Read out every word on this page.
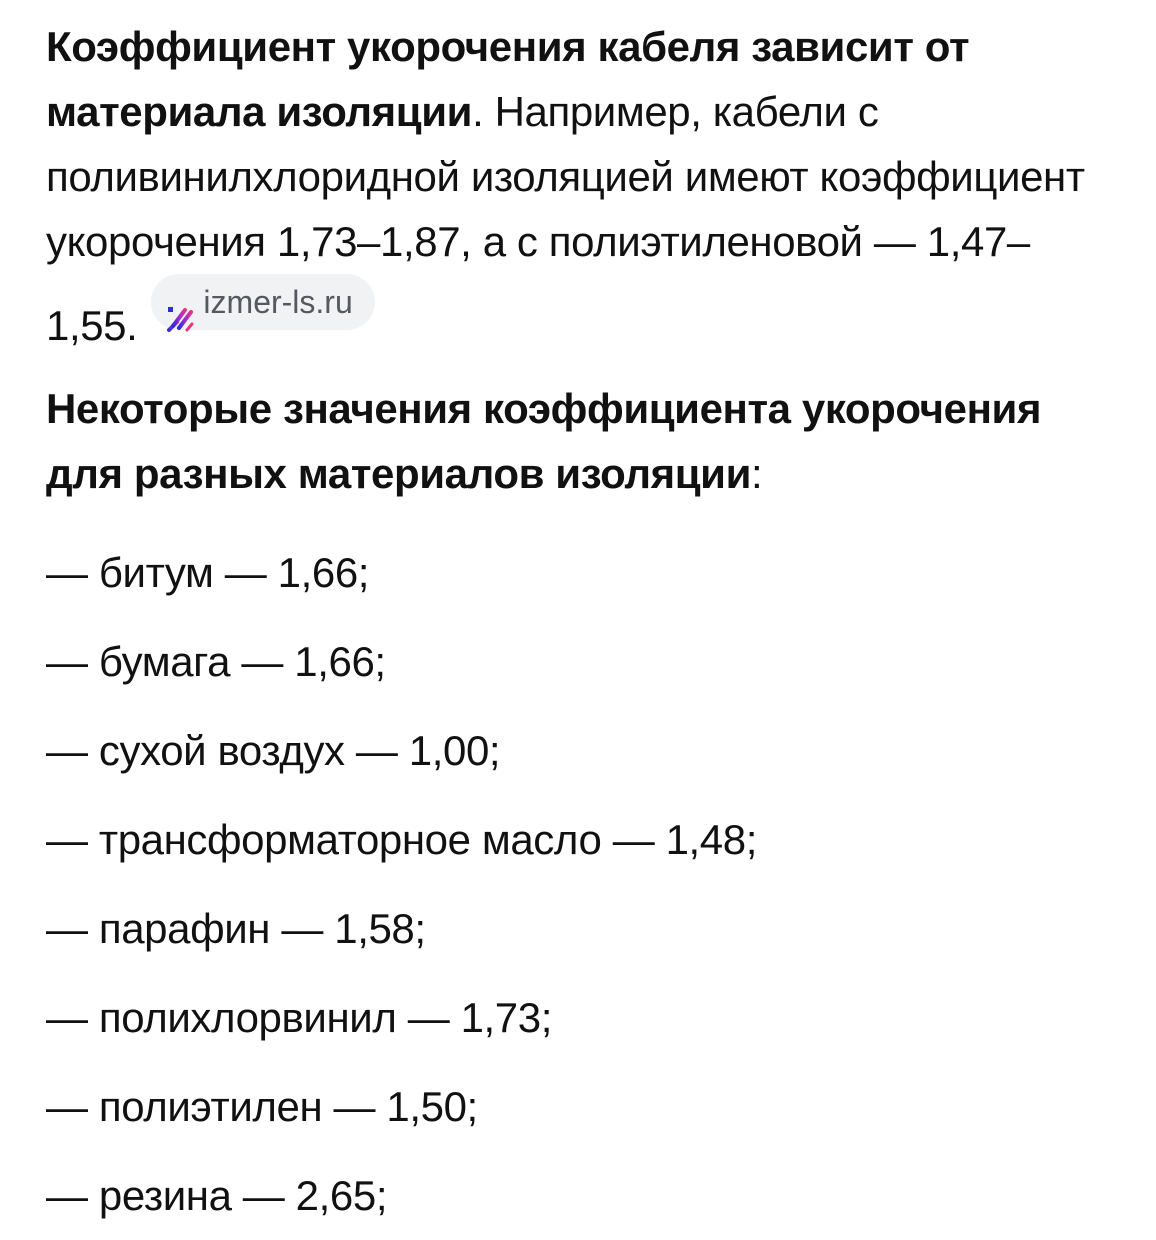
Коэффициент укорочения кабеля зависит от материала изоляции. Например, кабели с поливинилхлоридной изоляцией имеют коэффициент укорочения 1,73–1,87, а с полиэтиленовой — 1,47–1,55.
izmer-ls.ru

Некоторые значения коэффициента укорочения для разных материалов изоляции:

— битум — 1,66;
— бумага — 1,66;
— сухой воздух — 1,00;
— трансформаторное масло — 1,48;
— парафин — 1,58;
— полихлорвинил — 1,73;
— полиэтилен — 1,50;
— резина — 2,65;
